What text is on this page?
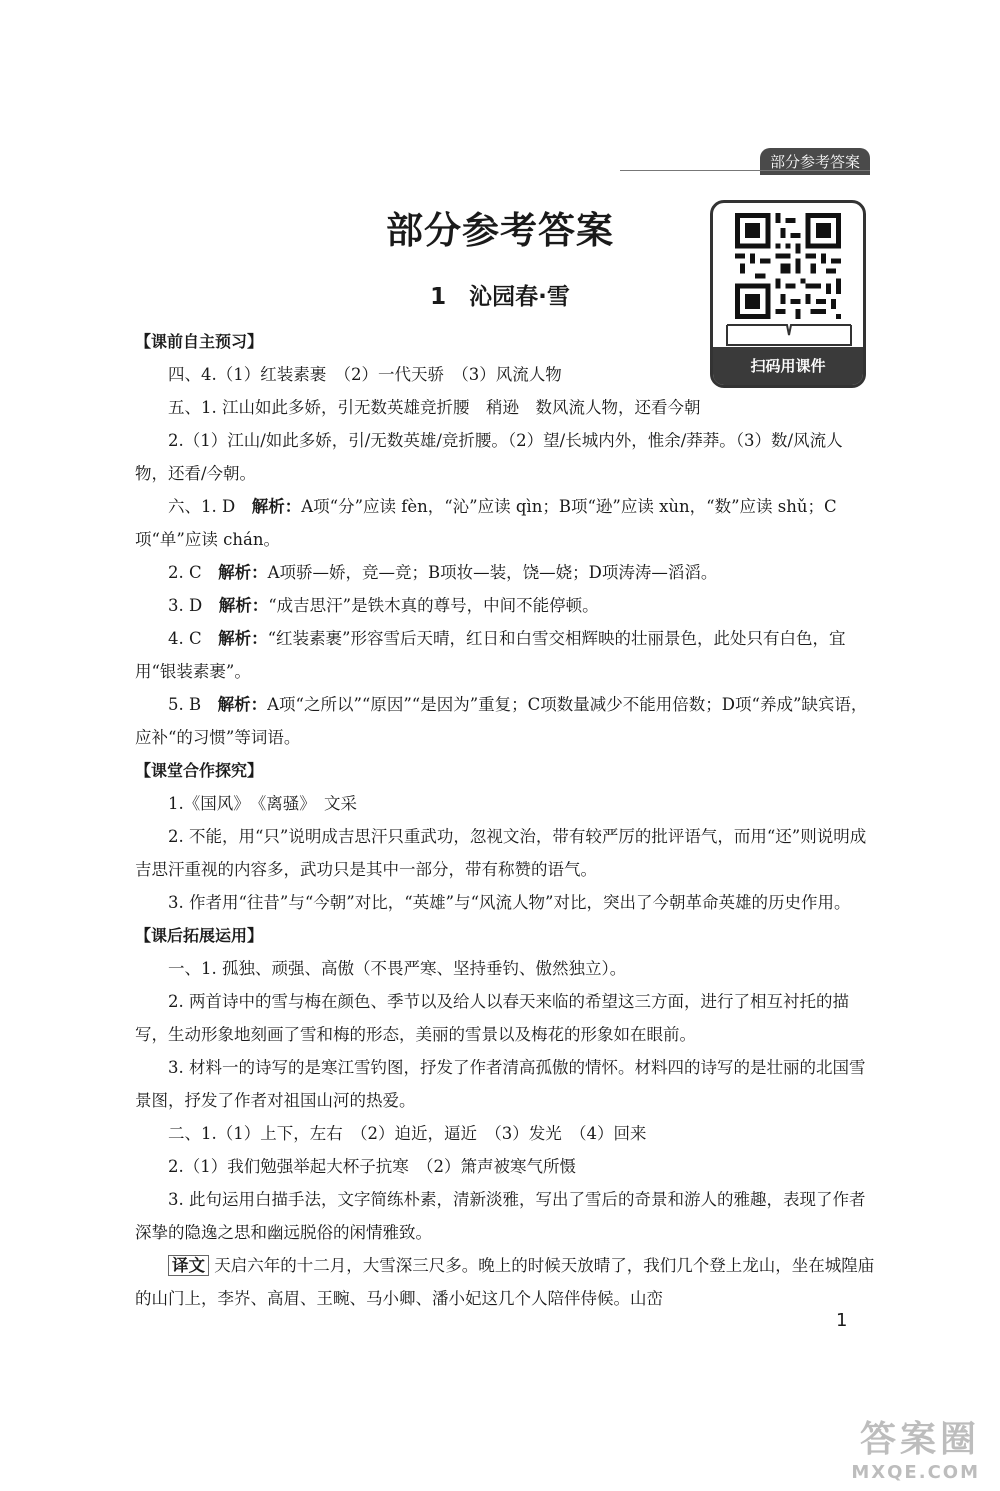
部分参考答案
部分参考答案
1　沁园春·雪
扫码用课件

【课前自主预习】

四、4.（1）红装素裹　（2）一代天骄　（3）风流人物

五、1. 江山如此多娇，引无数英雄竞折腰　稍逊　数风流人物，还看今朝

2.（1）江山/如此多娇，引/无数英雄/竞折腰。（2）望/长城内外，惟余/莽莽。（3）数/风流人物，还看/今朝。

六、1. D　 解析：A项“分”应读 fèn，“沁”应读 qìn；B项“逊”应读 xùn，“数”应读 shǔ；C项“单”应读 chán。

2. C　 解析：A项骄—娇，竞—竞；B项妆—装，饶—娆；D项涛涛—滔滔。

3. D　 解析：“成吉思汗”是铁木真的尊号，中间不能停顿。

4. C　 解析：“红装素裹”形容雪后天晴，红日和白雪交相辉映的壮丽景色，此处只有白色，宜用“银装素裹”。

5. B　 解析：A项“之所以”“原因”“是因为”重复；C项数量减少不能用倍数；D项“养成”缺宾语，应补“的习惯”等词语。

【课堂合作探究】

1.《国风》　《离骚》　文采

2. 不能，用“只”说明成吉思汗只重武功，忽视文治，带有较严厉的批评语气，而用“还”则说明成吉思汗重视的内容多，武功只是其中一部分，带有称赞的语气。

3. 作者用“往昔”与“今朝”对比，“英雄”与“风流人物”对比，突出了今朝革命英雄的历史作用。

【课后拓展运用】

一、1. 孤独、顽强、高傲（不畏严寒、坚持垂钓、傲然独立）。

2. 两首诗中的雪与梅在颜色、季节以及给人以春天来临的希望这三方面，进行了相互衬托的描写，生动形象地刻画了雪和梅的形态，美丽的雪景以及梅花的形象如在眼前。

3. 材料一的诗写的是寒江雪钓图，抒发了作者清高孤傲的情怀。材料四的诗写的是壮丽的北国雪景图，抒发了作者对祖国山河的热爱。

二、1.（1）上下，左右　（2）迫近，逼近　（3）发光　（4）回来

2.（1）我们勉强举起大杯子抗寒　（2）箫声被寒气所慑

3. 此句运用白描手法，文字简练朴素，清新淡雅，写出了雪后的奇景和游人的雅趣，表现了作者深挚的隐逸之思和幽远脱俗的闲情雅致。

译文 天启六年的十二月，大雪深三尺多。晚上的时候天放晴了，我们几个登上龙山，坐在城隍庙的山门上，李岕、高眉、王畹、马小卿、潘小妃这几个人陪伴侍候。山峦

1
答案圈
MXQE.COM
